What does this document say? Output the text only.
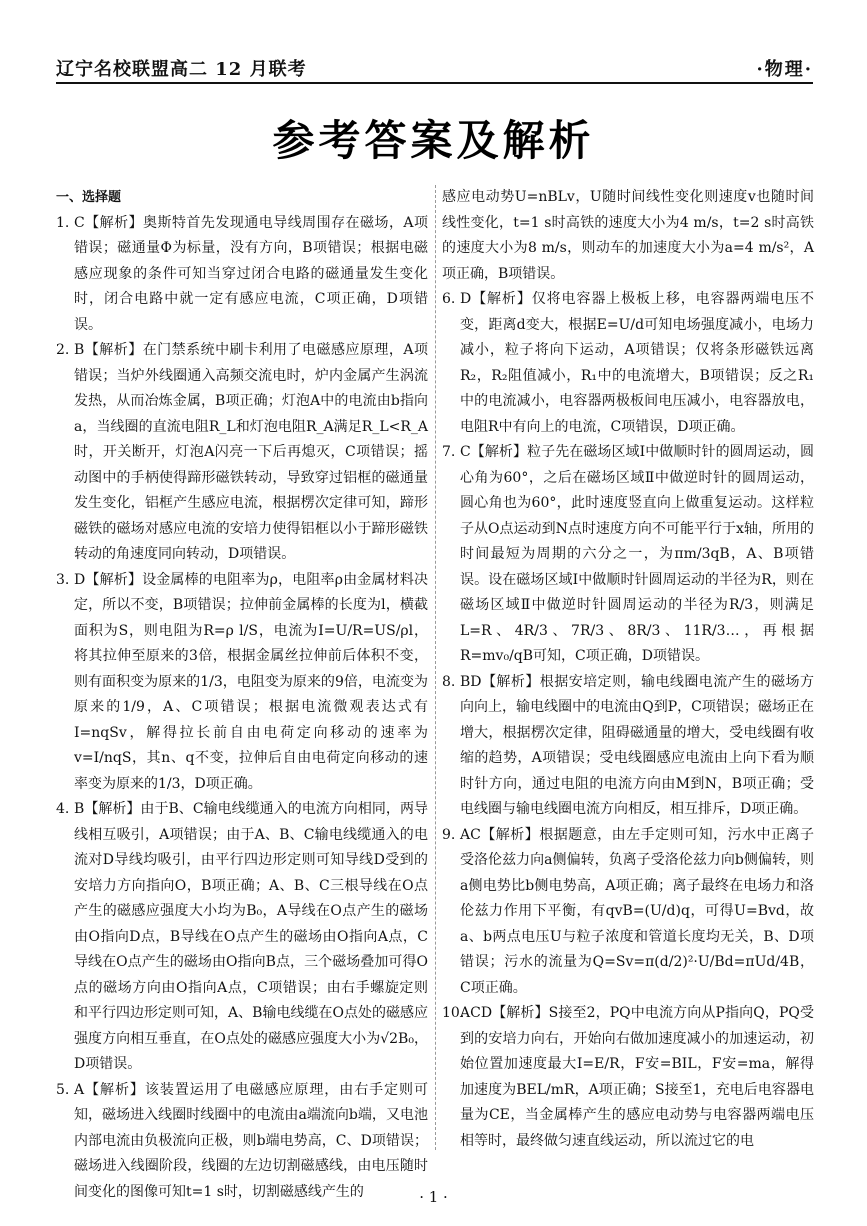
辽宁名校联盟高二 12 月联考	·物理·
参考答案及解析
一、选择题
1. C【解析】奥斯特首先发现通电导线周围存在磁场，A项错误；磁通量Φ为标量，没有方向，B项错误；根据电磁感应现象的条件可知当穿过闭合电路的磁通量发生变化时，闭合电路中就一定有感应电流，C项正确，D项错误。
2. B【解析】在门禁系统中刷卡利用了电磁感应原理，A项错误；当炉外线圈通入高频交流电时，炉内金属产生涡流发热，从而冶炼金属，B项正确；灯泡A中的电流由b指向a，当线圈的直流电阻R_L和灯泡电阻R_A满足R_L<R_A时，开关断开，灯泡A闪亮一下后再熄灭，C项错误；摇动图中的手柄使得蹄形磁铁转动，导致穿过铝框的磁通量发生变化，铝框产生感应电流，根据楞次定律可知，蹄形磁铁的磁场对感应电流的安培力使得铝框以小于蹄形磁铁转动的角速度同向转动，D项错误。
3. D【解析】设金属棒的电阻率为ρ，电阻率ρ由金属材料决定，所以不变，B项错误；拉伸前金属棒的长度为l，横截面积为S，则电阻为R=ρ l/S，电流为I=U/R=US/ρl，将其拉伸至原来的3倍，根据金属丝拉伸前后体积不变，则有面积变为原来的1/3，电阻变为原来的9倍，电流变为原来的1/9，A、C项错误；根据电流微观表达式有I=nqSv，解得拉长前自由电荷定向移动的速率为v=I/nqS，其n、q不变，拉伸后自由电荷定向移动的速率变为原来的1/3，D项正确。
4. B【解析】由于B、C输电线缆通入的电流方向相同，两导线相互吸引，A项错误；由于A、B、C输电线缆通入的电流对D导线均吸引，由平行四边形定则可知导线D受到的安培力方向指向O，B项正确；A、B、C三根导线在O点产生的磁感应强度大小均为B₀，A导线在O点产生的磁场由O指向D点，B导线在O点产生的磁场由O指向A点，C导线在O点产生的磁场由O指向B点，三个磁场叠加可得O点的磁场方向由O指向A点，C项错误；由右手螺旋定则和平行四边形定则可知，A、B输电线缆在O点处的磁感应强度方向相互垂直，在O点处的磁感应强度大小为√2B₀，D项错误。
5. A【解析】该装置运用了电磁感应原理，由右手定则可知，磁场进入线圈时线圈中的电流由a端流向b端，又电池内部电流由负极流向正极，则b端电势高，C、D项错误；磁场进入线圈阶段，线圈的左边切割磁感线，由电压随时间变化的图像可知t=1 s时，切割磁感线产生的
感应电动势U=nBLv，U随时间线性变化则速度v也随时间线性变化，t=1 s时高铁的速度大小为4 m/s，t=2 s时高铁的速度大小为8 m/s，则动车的加速度大小为a=4 m/s²，A项正确，B项错误。
6. D【解析】仅将电容器上极板上移，电容器两端电压不变，距离d变大，根据E=U/d可知电场强度减小，电场力减小，粒子将向下运动，A项错误；仅将条形磁铁远离R₂，R₂阻值减小，R₁中的电流增大，B项错误；反之R₁中的电流减小，电容器两极板间电压减小，电容器放电，电阻R中有向上的电流，C项错误，D项正确。
7. C【解析】粒子先在磁场区域Ⅰ中做顺时针的圆周运动，圆心角为60°，之后在磁场区域Ⅱ中做逆时针的圆周运动，圆心角也为60°，此时速度竖直向上做重复运动。这样粒子从O点运动到N点时速度方向不可能平行于x轴，所用的时间最短为周期的六分之一，为πm/3qB，A、B项错误。设在磁场区域Ⅰ中做顺时针圆周运动的半径为R，则在磁场区域Ⅱ中做逆时针圆周运动的半径为R/3，则满足L=R、4R/3、7R/3、8R/3、11R/3…，再根据R=mv₀/qB可知，C项正确，D项错误。
8. BD【解析】根据安培定则，输电线圈电流产生的磁场方向向上，输电线圈中的电流由Q到P，C项错误；磁场正在增大，根据楞次定律，阻碍磁通量的增大，受电线圈有收缩的趋势，A项错误；受电线圈感应电流由上向下看为顺时针方向，通过电阻的电流方向由M到N，B项正确；受电线圈与输电线圈电流方向相反，相互排斥，D项正确。
9. AC【解析】根据题意，由左手定则可知，污水中正离子受洛伦兹力向a侧偏转，负离子受洛伦兹力向b侧偏转，则a侧电势比b侧电势高，A项正确；离子最终在电场力和洛伦兹力作用下平衡，有qvB=(U/d)q，可得U=Bvd，故a、b两点电压U与粒子浓度和管道长度均无关，B、D项错误；污水的流量为Q=Sv=π(d/2)²·U/Bd=πUd/4B，C项正确。
10.
ACD【解析】S接至2，PQ中电流方向从P指向Q，PQ受到的安培力向右，开始向右做加速度减小的加速运动，初始位置加速度最大I=E/R，F安=BIL，F安=ma，解得加速度为BEL/mR，A项正确；S接至1，充电后电容器电量为CE，当金属棒产生的感应电动势与电容器两端电压相等时，最终做匀速直线运动，所以流过它的电
· 1 ·
